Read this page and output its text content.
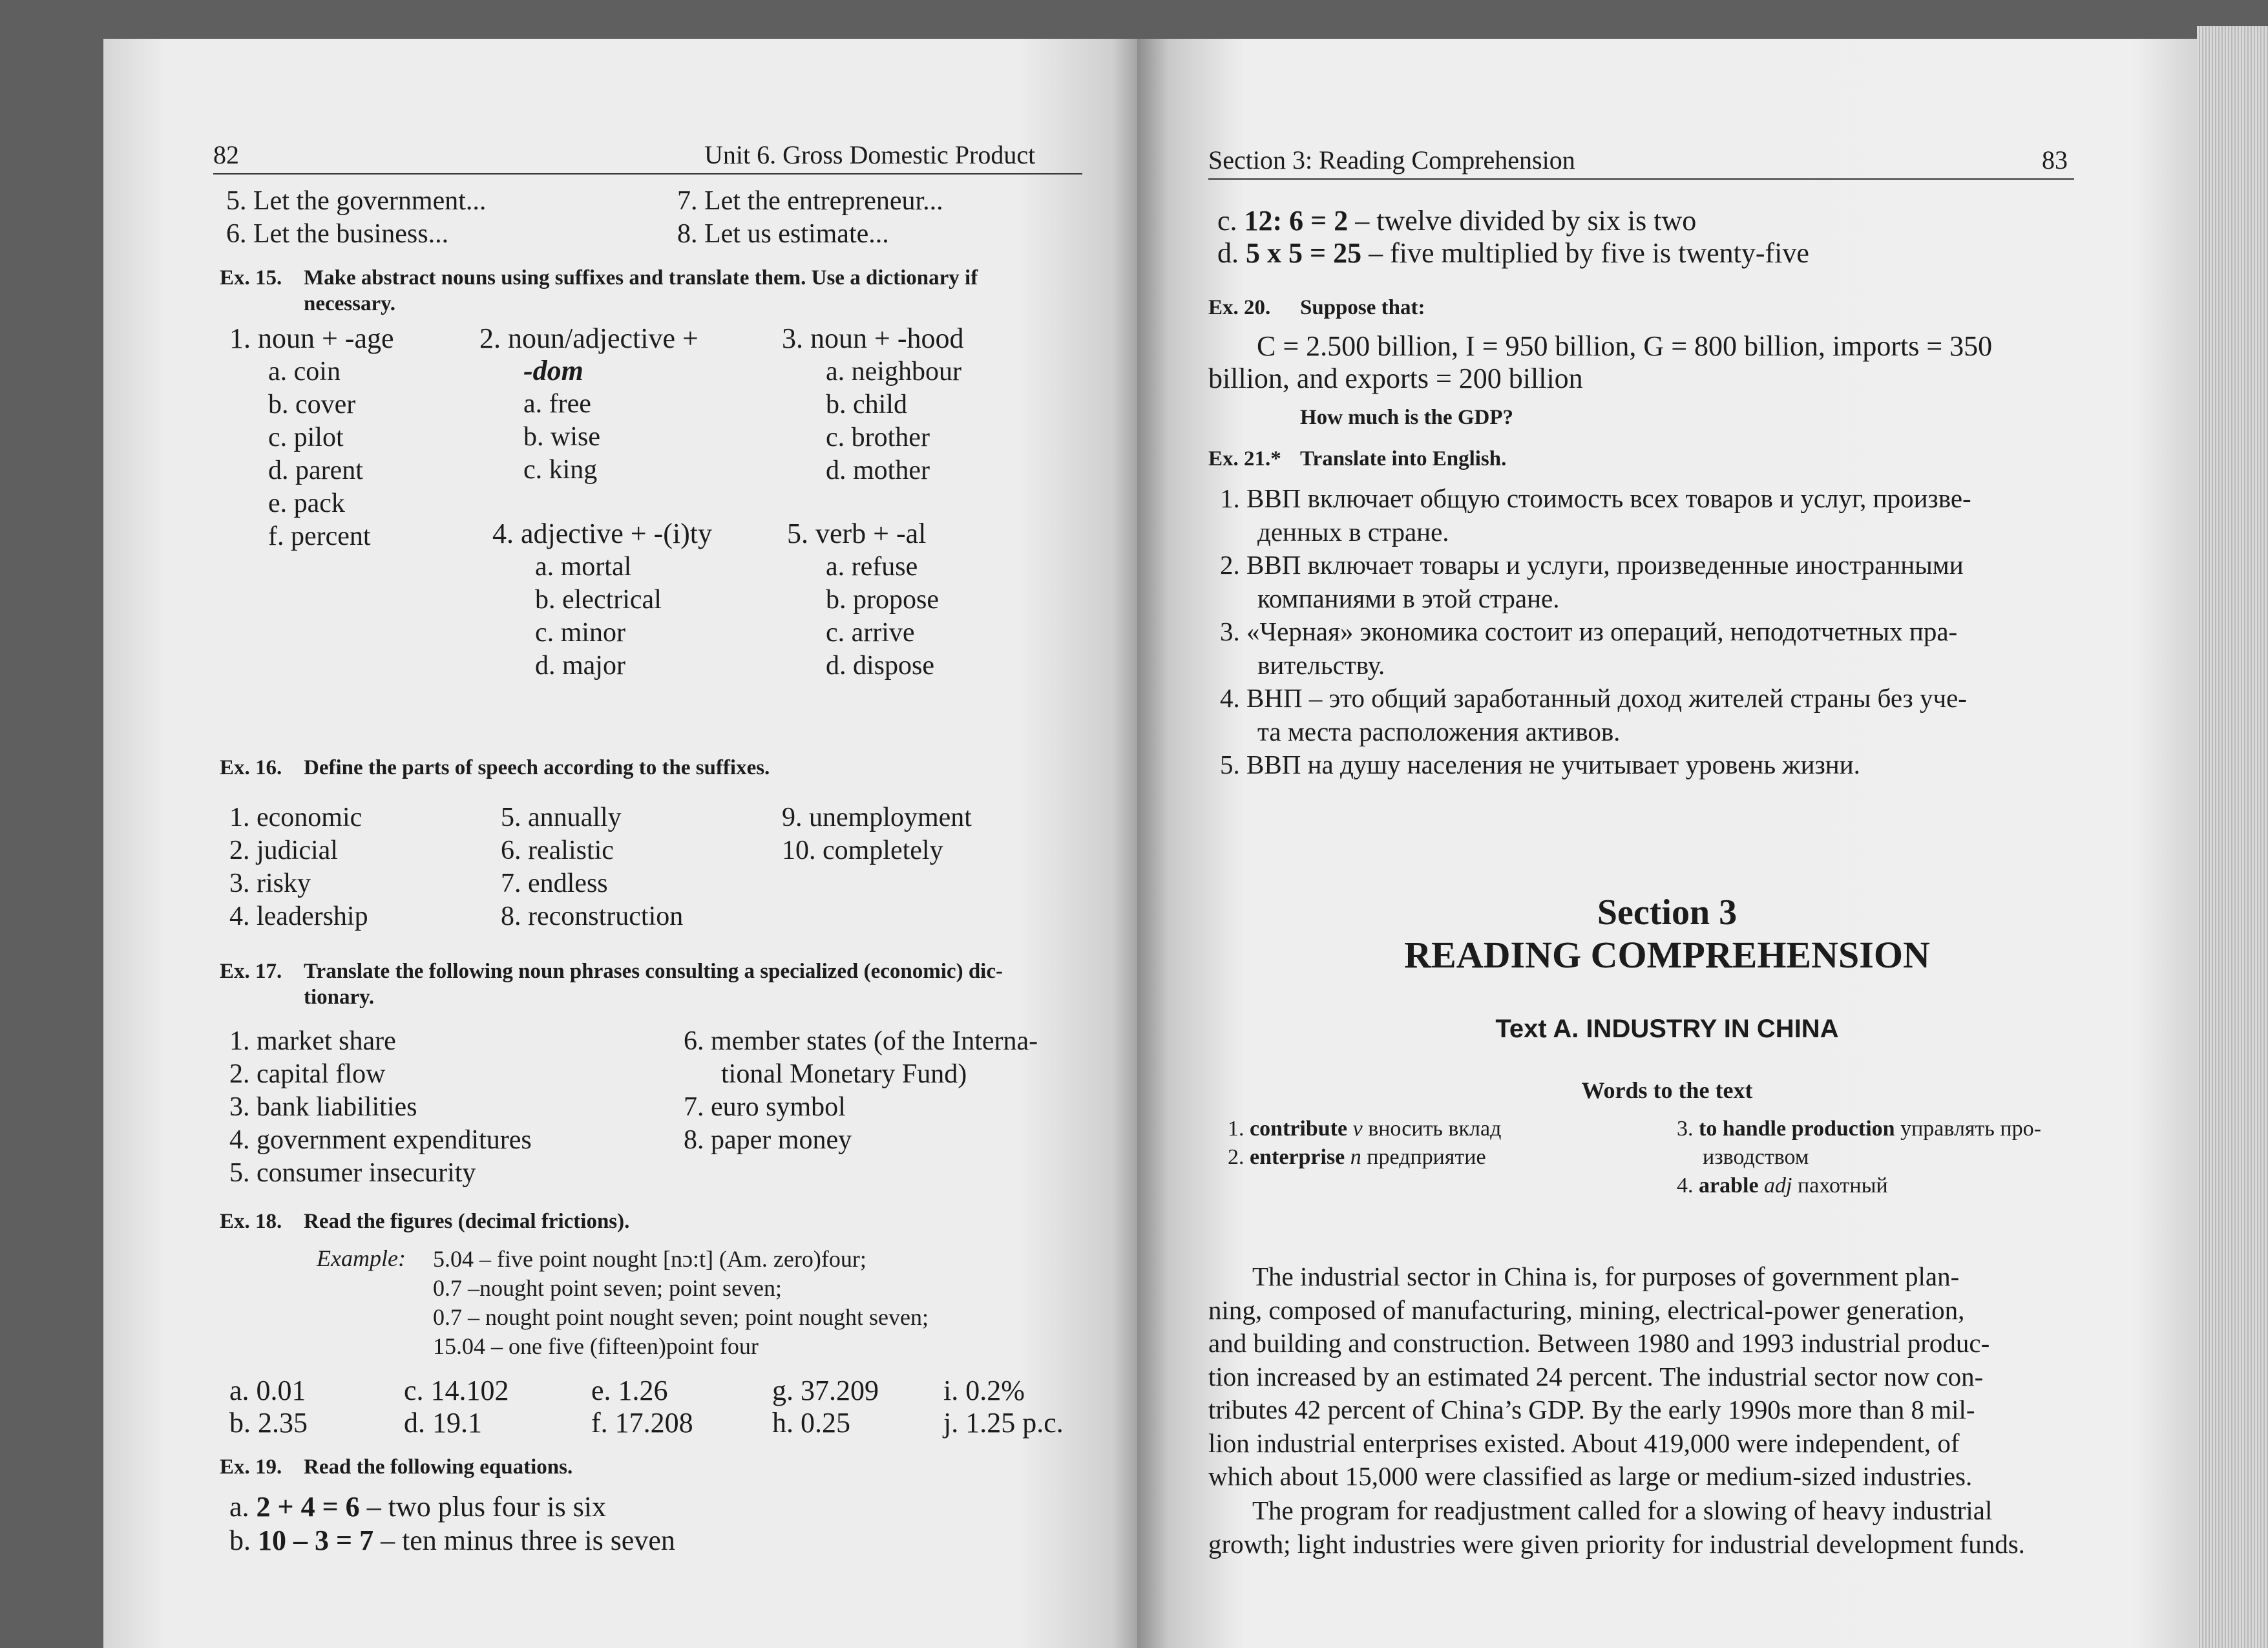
82	Unit 6. Gross Domestic Product
5. Let the government...
6. Let the business...
7. Let the entrepreneur...
8. Let us estimate...
Ex. 15. Make abstract nouns using suffixes and translate them. Use a dictionary if
necessary.
1. noun + -age
a. coin
b. cover
c. pilot
d. parent
e. pack
f. percent
2. noun/adjective +
-dom
a. free
b. wise
c. king
3. noun + -hood
a. neighbour
b. child
c. brother
d. mother
4. adjective + -(i)ty
a. mortal
b. electrical
c. minor
d. major
5. verb + -al
a. refuse
b. propose
c. arrive
d. dispose
Ex. 16. Define the parts of speech according to the suffixes.
1. economic
2. judicial
3. risky
4. leadership
5. annually
6. realistic
7. endless
8. reconstruction
9. unemployment
10. completely
Ex. 17. Translate the following noun phrases consulting a specialized (economic) dic-
tionary.
1. market share
2. capital flow
3. bank liabilities
4. government expenditures
5. consumer insecurity
6. member states (of the Interna-
tional Monetary Fund)
7. euro symbol
8. paper money
Ex. 18. Read the figures (decimal frictions).
Example: 5.04 – five point nought [nɔ:t] (Am. zero)four;
0.7 –nought point seven; point seven;
0.7 – nought point nought seven; point nought seven;
15.04 – one five (fifteen)point four
a. 0.01	c. 14.102	e. 1.26	g. 37.209 i. 0.2%
b. 2.35	d. 19.1	f. 17.208	h. 0.25	j. 1.25 p.c.
Ex. 19. Read the following equations.
a. 2 + 4 = 6 – two plus four is six
b. 10 – 3 = 7 – ten minus three is seven
Section 3: Reading Comprehension	83
c. 12: 6 = 2 – twelve divided by six is two
d. 5 x 5 = 25 – five multiplied by five is twenty-five
Ex. 20. Suppose that:
C = 2.500 billion, I = 950 billion, G = 800 billion, imports = 350
billion, and exports = 200 billion
How much is the GDP?
Ex. 21.* Translate into English.
1. ВВП включает общую стоимость всех товаров и услуг, произве-
денных в стране.
2. ВВП включает товары и услуги, произведенные иностранными
компаниями в этой стране.
3. «Черная» экономика состоит из операций, неподотчетных пра-
вительству.
4. ВНП – это общий заработанный доход жителей страны без уче-
та места расположения активов.
5. ВВП на душу населения не учитывает уровень жизни.
Section 3
READING COMPREHENSION
Text A. INDUSTRY IN CHINA
Words to the text
1. contribute v вносить вклад
2. enterprise n предприятие
3. to handle production управлять про-
изводством
4. arable adj пахотный
The industrial sector in China is, for purposes of government plan-
ning, composed of manufacturing, mining, electrical-power generation,
and building and construction. Between 1980 and 1993 industrial produc-
tion increased by an estimated 24 percent. The industrial sector now con-
tributes 42 percent of China’s GDP. By the early 1990s more than 8 mil-
lion industrial enterprises existed. About 419,000 were independent, of
which about 15,000 were classified as large or medium-sized industries.
The program for readjustment called for a slowing of heavy industrial
growth; light industries were given priority for industrial development funds.
